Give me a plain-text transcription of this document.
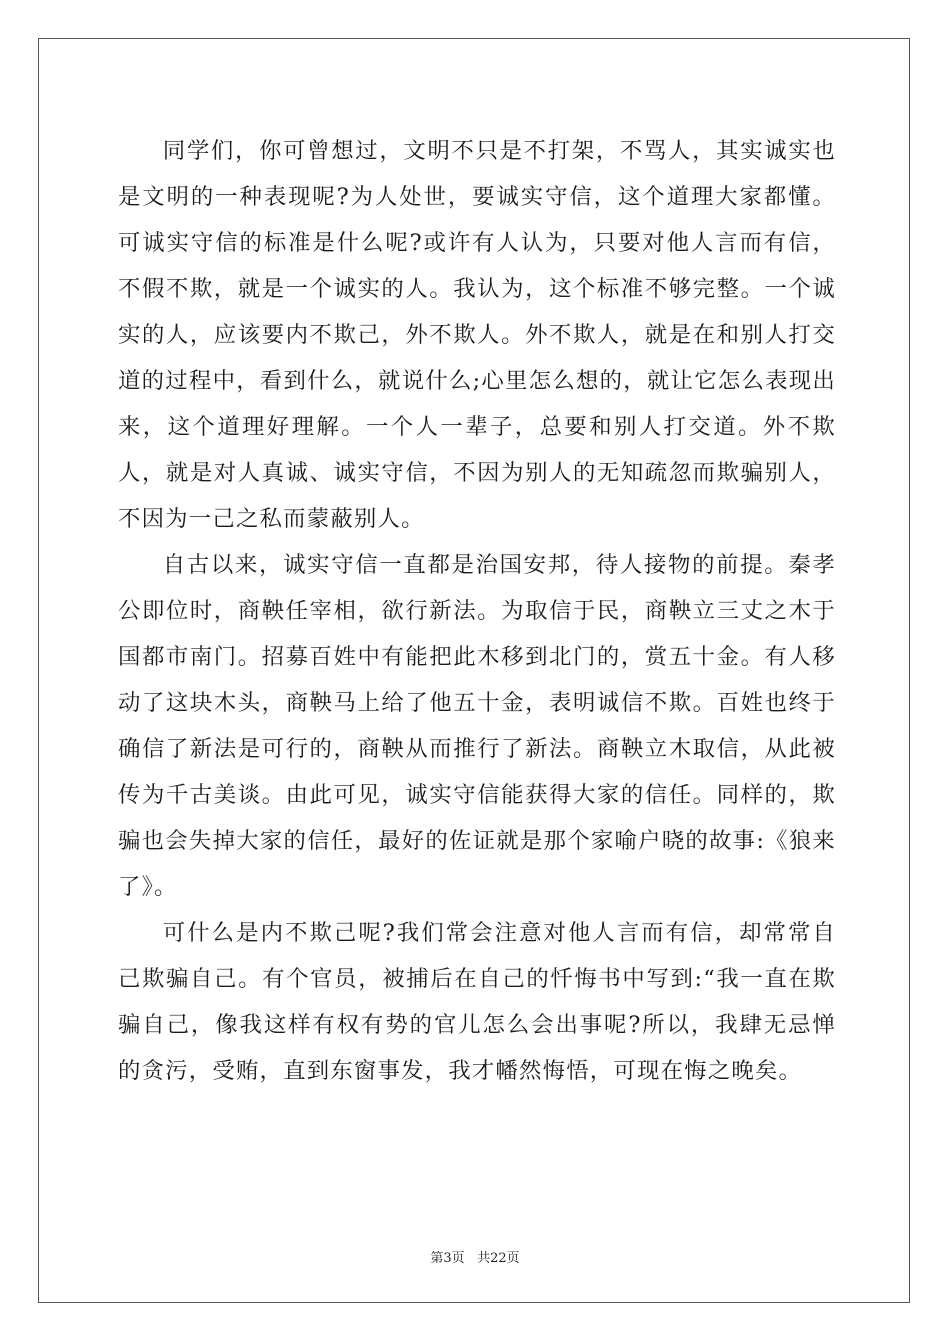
同学们，你可曾想过，文明不只是不打架，不骂人，其实诚实也是文明的一种表现呢?为人处世，要诚实守信，这个道理大家都懂。可诚实守信的标准是什么呢?或许有人认为，只要对他人言而有信，不假不欺，就是一个诚实的人。我认为，这个标准不够完整。一个诚实的人，应该要内不欺己，外不欺人。外不欺人，就是在和别人打交道的过程中，看到什么，就说什么;心里怎么想的，就让它怎么表现出来，这个道理好理解。一个人一辈子，总要和别人打交道。外不欺人，就是对人真诚、诚实守信，不因为别人的无知疏忽而欺骗别人，不因为一己之私而蒙蔽别人。

自古以来，诚实守信一直都是治国安邦，待人接物的前提。秦孝公即位时，商鞅任宰相，欲行新法。为取信于民，商鞅立三丈之木于国都市南门。招募百姓中有能把此木移到北门的，赏五十金。有人移动了这块木头，商鞅马上给了他五十金，表明诚信不欺。百姓也终于确信了新法是可行的，商鞅从而推行了新法。商鞅立木取信，从此被传为千古美谈。由此可见，诚实守信能获得大家的信任。同样的，欺骗也会失掉大家的信任，最好的佐证就是那个家喻户晓的故事:《狼来了》。

可什么是内不欺己呢?我们常会注意对他人言而有信，却常常自己欺骗自己。有个官员，被捕后在自己的忏悔书中写到:“我一直在欺骗自己，像我这样有权有势的官儿怎么会出事呢?所以，我肆无忌惮的贪污，受贿，直到东窗事发，我才幡然悔悟，可现在悔之晚矣。

第3页 共22页
